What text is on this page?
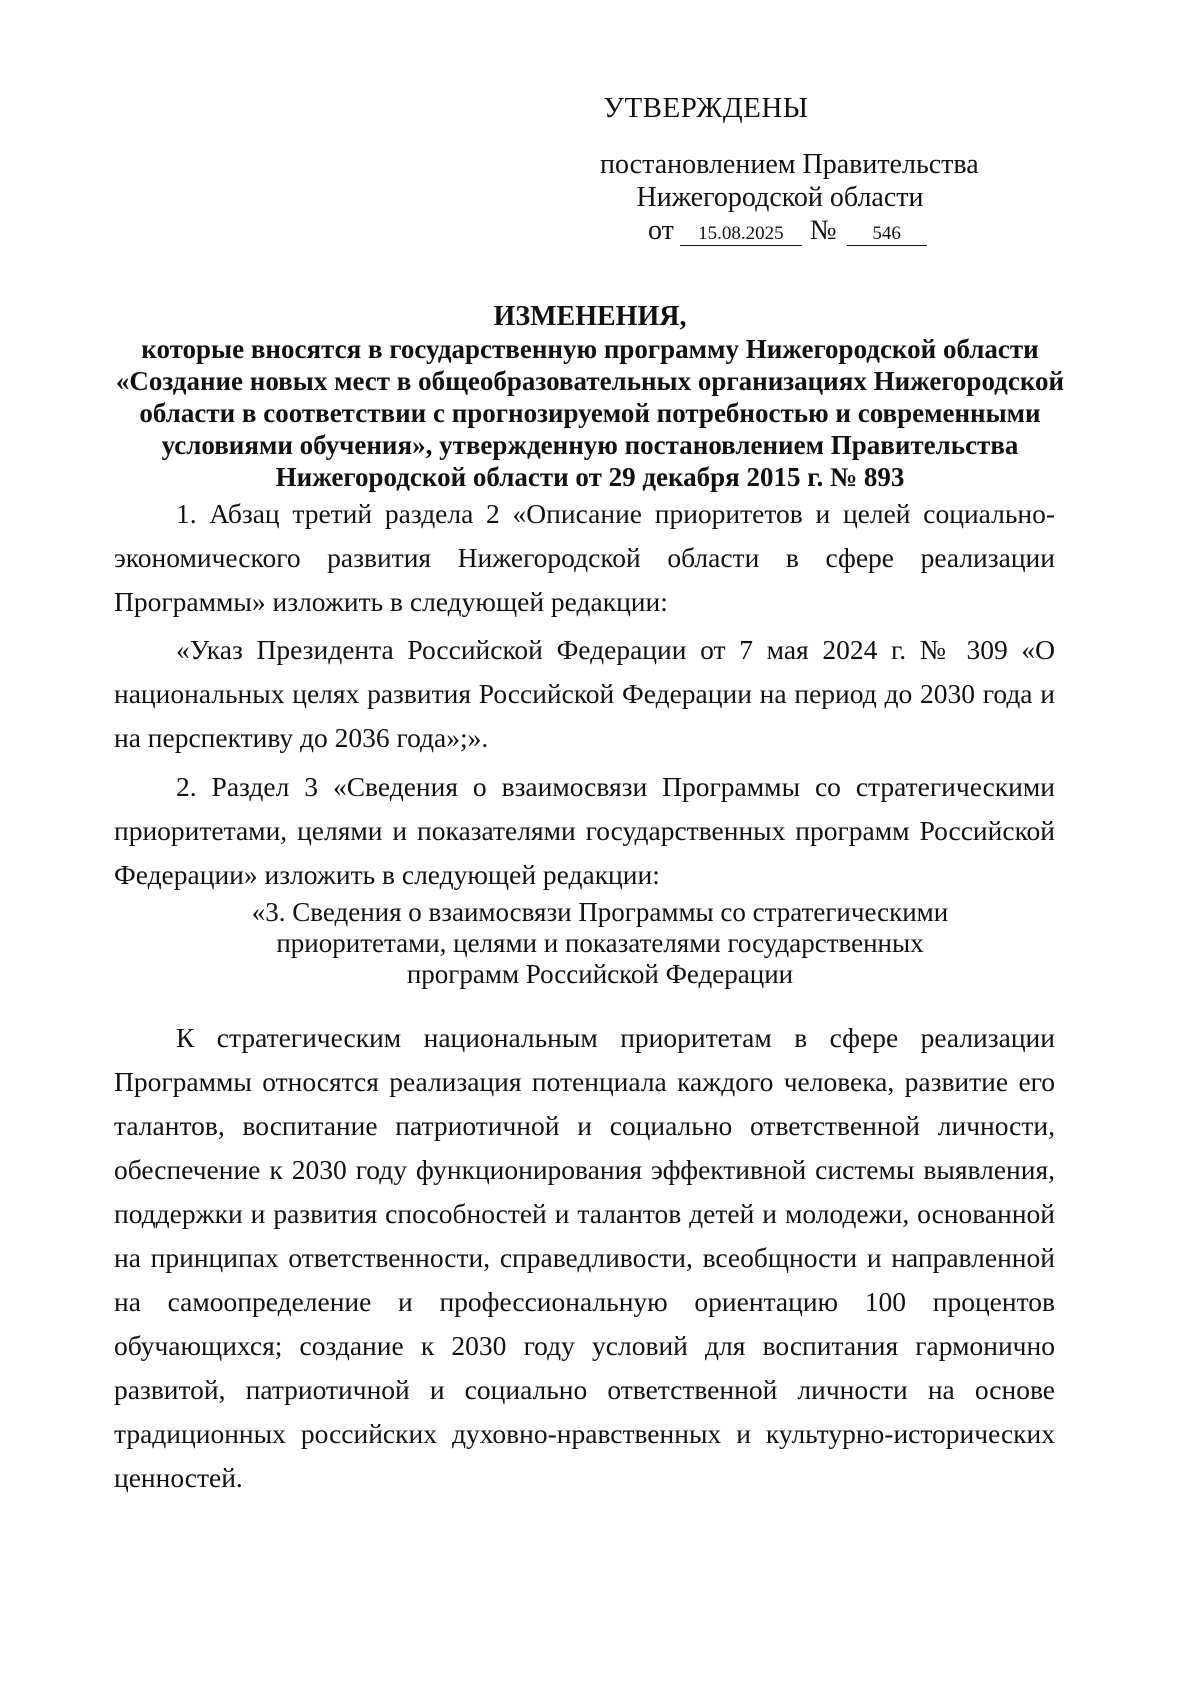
УТВЕРЖДЕНЫ
постановлением Правительства
Нижегородской области
от 15.08.2025 № 546
ИЗМЕНЕНИЯ,
которые вносятся в государственную программу Нижегородской области
«Создание новых мест в общеобразовательных организациях Нижегородской
области в соответствии с прогнозируемой потребностью и современными
условиями обучения», утвержденную постановлением Правительства
Нижегородской области от 29 декабря 2015 г. № 893

1. Абзац третий раздела 2 «Описание приоритетов и целей социально-экономического развития Нижегородской области в сфере реализации Программы» изложить в следующей редакции:

«Указ Президента Российской Федерации от 7 мая 2024 г. № 309 «О национальных целях развития Российской Федерации на период до 2030 года и на перспективу до 2036 года»;».

2. Раздел 3 «Сведения о взаимосвязи Программы со стратегическими приоритетами, целями и показателями государственных программ Российской Федерации» изложить в следующей редакции:

«3. Сведения о взаимосвязи Программы со стратегическими
приоритетами, целями и показателями государственных
программ Российской Федерации

К стратегическим национальным приоритетам в сфере реализации Программы относятся реализация потенциала каждого человека, развитие его талантов, воспитание патриотичной и социально ответственной личности, обеспечение к 2030 году функционирования эффективной системы выявления, поддержки и развития способностей и талантов детей и молодежи, основанной на принципах ответственности, справедливости, всеобщности и направленной на самоопределение и профессиональную ориентацию 100 процентов обучающихся; создание к 2030 году условий для воспитания гармонично развитой, патриотичной и социально ответственной личности на основе традиционных российских духовно-нравственных и культурно-исторических ценностей.
